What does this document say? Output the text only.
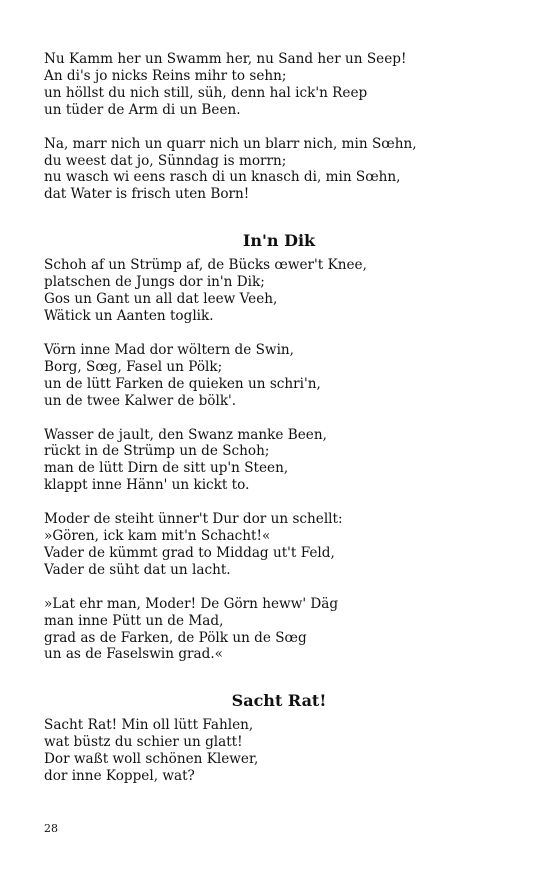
Nu Kamm her un Swamm her, nu Sand her un Seep!
An di's jo nicks Reins mihr to sehn;
un höllst du nich still, süh, denn hal ick'n Reep
un tüder de Arm di un Been.
Na, marr nich un quarr nich un blarr nich, min Sœhn,
du weest dat jo, Sünndag is morrn;
nu wasch wi eens rasch di un knasch di, min Sœhn,
dat Water is frisch uten Born!
In'n Dik
Schoh af un Strümp af, de Bücks œwer't Knee,
platschen de Jungs dor in'n Dik;
Gos un Gant un all dat leew Veeh,
Wätick un Aanten toglik.
Vörn inne Mad dor wöltern de Swin,
Borg, Sœg, Fasel un Pölk;
un de lütt Farken de quieken un schri'n,
un de twee Kalwer de bölk'.
Wasser de jault, den Swanz manke Been,
rückt in de Strümp un de Schoh;
man de lütt Dirn de sitt up'n Steen,
klappt inne Hänn' un kickt to.
Moder de steiht ünner't Dur dor un schellt:
»Gören, ick kam mit'n Schacht!«
Vader de kümmt grad to Middag ut't Feld,
Vader de süht dat un lacht.
»Lat ehr man, Moder! De Görn heww' Däg
man inne Pütt un de Mad,
grad as de Farken, de Pölk un de Sœg
un as de Faselswin grad.«
Sacht Rat!
Sacht Rat! Min oll lütt Fahlen,
wat büstz du schier un glatt!
Dor waßt woll schönen Klewer,
dor inne Koppel, wat?
28
